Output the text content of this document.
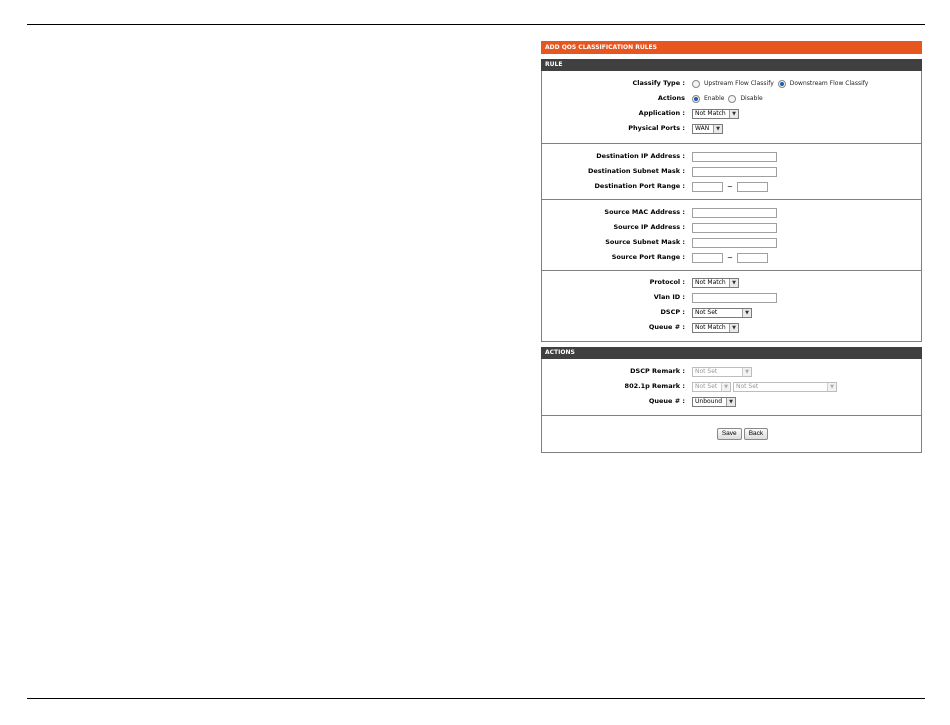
ADD QOS CLASSIFICATION RULES
RULE
Classify Type :	Upstream Flow Classify	Downstream Flow Classify
Actions	Enable	Disable
Application : Not Match	▼
Physical Ports : WAN	▼
Destination IP Address :
Destination Subnet Mask :
Destination Port Range :	~
Source MAC Address :
Source IP Address :
Source Subnet Mask :
Source Port Range :	~
Protocol : Not Match	▼
Vlan ID :
DSCP : Not Set	▼
Queue # : Not Match	▼
ACTIONS
DSCP Remark : Not Set	▼
802.1p Remark : Not Set	▼	Not Set	▼
Queue # : Unbound	▼
Save Back
